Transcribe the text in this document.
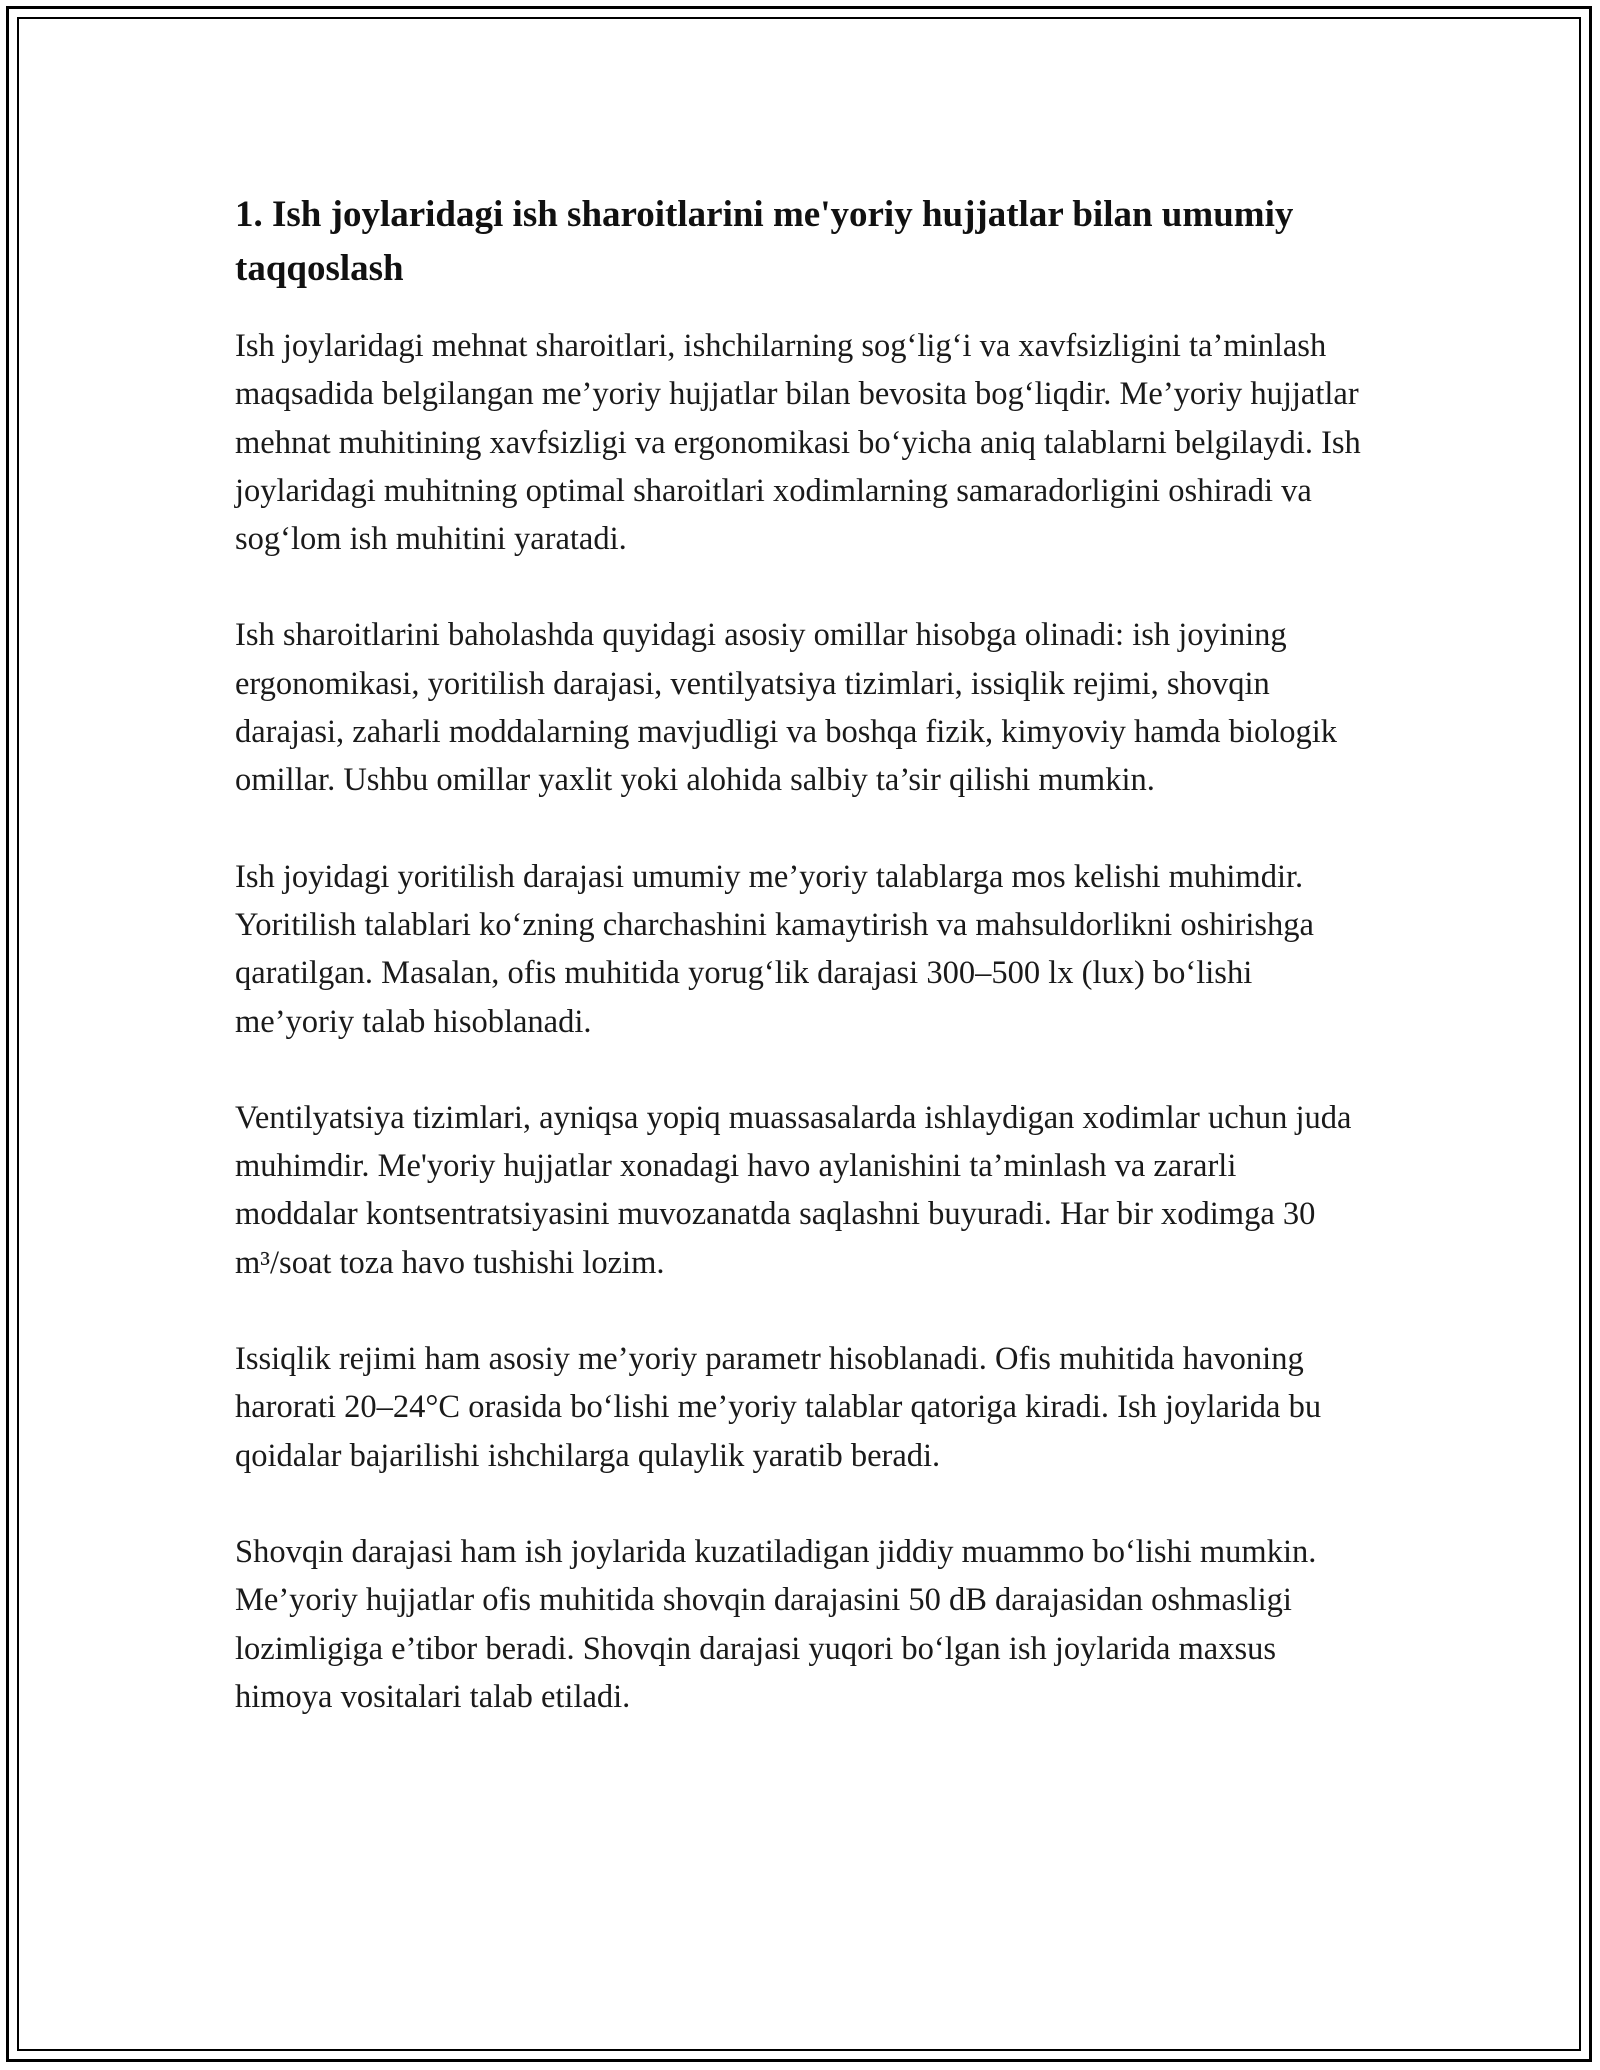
1. Ish joylaridagi ish sharoitlarini me'yoriy hujjatlar bilan umumiy taqqoslash

Ish joylaridagi mehnat sharoitlari, ishchilarning sog‘lig‘i va xavfsizligini ta’minlash maqsadida belgilangan me’yoriy hujjatlar bilan bevosita bog‘liqdir. Me’yoriy hujjatlar mehnat muhitining xavfsizligi va ergonomikasi bo‘yicha aniq talablarni belgilaydi. Ish joylaridagi muhitning optimal sharoitlari xodimlarning samaradorligini oshiradi va sog‘lom ish muhitini yaratadi.

Ish sharoitlarini baholashda quyidagi asosiy omillar hisobga olinadi: ish joyining ergonomikasi, yoritilish darajasi, ventilyatsiya tizimlari, issiqlik rejimi, shovqin darajasi, zaharli moddalarning mavjudligi va boshqa fizik, kimyoviy hamda biologik omillar. Ushbu omillar yaxlit yoki alohida salbiy ta’sir qilishi mumkin.

Ish joyidagi yoritilish darajasi umumiy me’yoriy talablarga mos kelishi muhimdir. Yoritilish talablari ko‘zning charchashini kamaytirish va mahsuldorlikni oshirishga qaratilgan. Masalan, ofis muhitida yorug‘lik darajasi 300–500 lx (lux) bo‘lishi me’yoriy talab hisoblanadi.

Ventilyatsiya tizimlari, ayniqsa yopiq muassasalarda ishlaydigan xodimlar uchun juda muhimdir. Me'yoriy hujjatlar xonadagi havo aylanishini ta’minlash va zararli moddalar kontsentratsiyasini muvozanatda saqlashni buyuradi. Har bir xodimga 30 m³/soat toza havo tushishi lozim.

Issiqlik rejimi ham asosiy me’yoriy parametr hisoblanadi. Ofis muhitida havoning harorati 20–24°C orasida bo‘lishi me’yoriy talablar qatoriga kiradi. Ish joylarida bu qoidalar bajarilishi ishchilarga qulaylik yaratib beradi.

Shovqin darajasi ham ish joylarida kuzatiladigan jiddiy muammo bo‘lishi mumkin. Me’yoriy hujjatlar ofis muhitida shovqin darajasini 50 dB darajasidan oshmasligi lozimligiga e’tibor beradi. Shovqin darajasi yuqori bo‘lgan ish joylarida maxsus himoya vositalari talab etiladi.
